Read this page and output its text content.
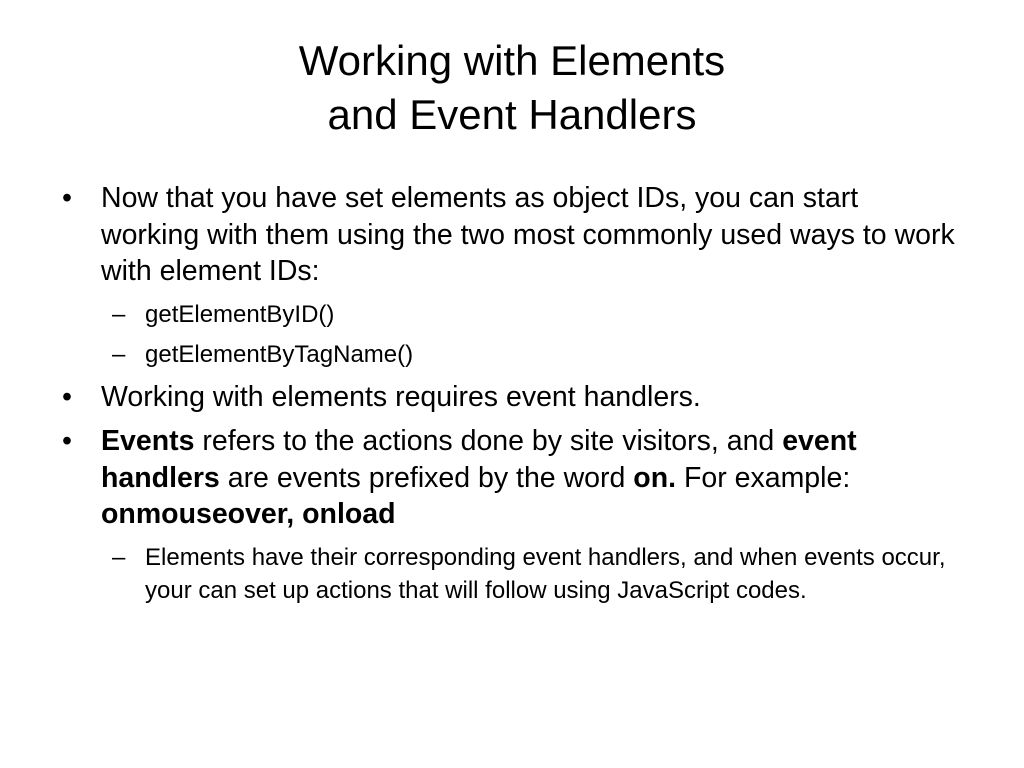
Working with Elements
and Event Handlers
•	Now that you have set elements as object IDs, you can start working with them using the two most commonly used ways to work with element IDs:
– getElementByID()
– getElementByTagName()
•	Working with elements requires event handlers.
•	Events refers to the actions done by site visitors, and event handlers are events prefixed by the word on. For example: onmouseover, onload
– Elements have their corresponding event handlers, and when events occur, your can set up actions that will follow using JavaScript codes.
